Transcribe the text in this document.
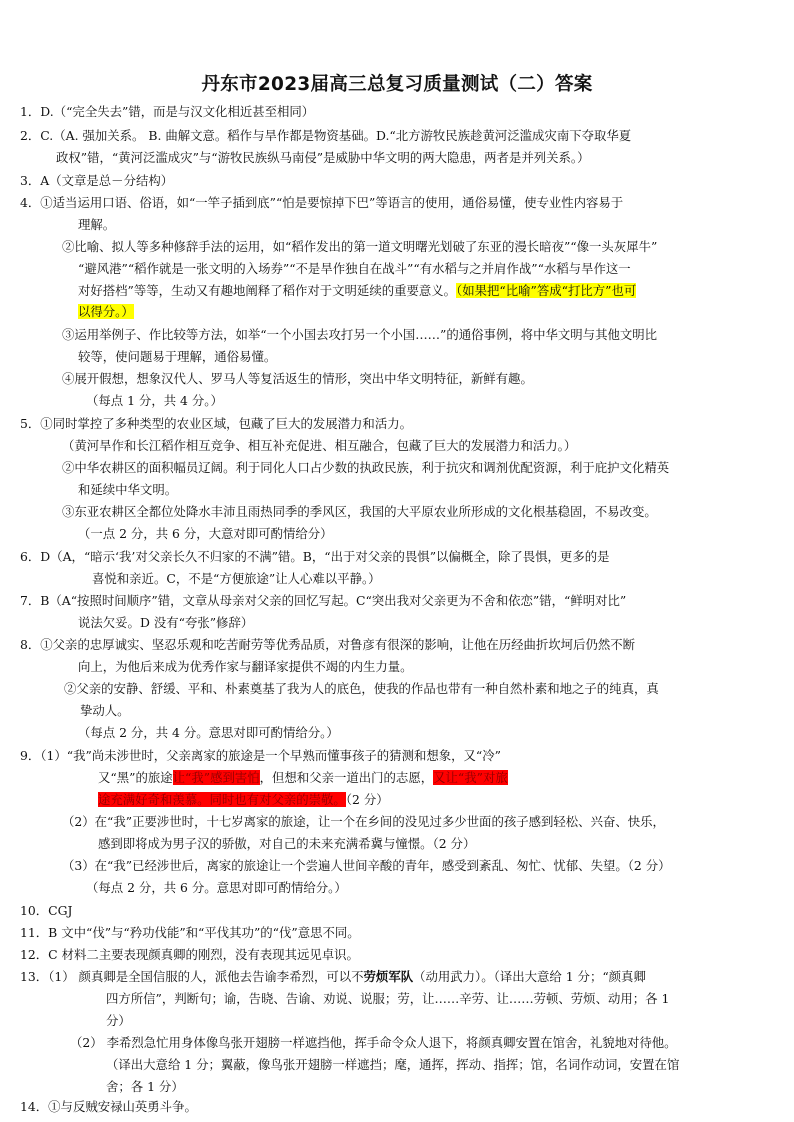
丹东市2023届高三总复习质量测试（二）答案
1．D.（“完全失去”错，而是与汉文化相近甚至相同）
2．C.（A. 强加关系。 B. 曲解文意。稻作与旱作都是物资基础。D.“北方游牧民族趁黄河泛滥成灾南下夺取华夏
政权”错，“黄河泛滥成灾”与“游牧民族纵马南侵”是威胁中华文明的两大隐患，两者是并列关系。）
3．A（文章是总－分结构）
4．①适当运用口语、俗语，如“一竿子插到底”“怕是要惊掉下巴”等语言的使用，通俗易懂，使专业性内容易于
理解。
②比喻、拟人等多种修辞手法的运用，如“稻作发出的第一道文明曙光划破了东亚的漫长暗夜”“像一头灰犀牛”
“避风港”“稻作就是一张文明的入场券”“不是旱作独自在战斗”“有水稻与之并肩作战”“水稻与旱作这一
对好搭档”等等，生动又有趣地阐释了稻作对于文明延续的重要意义。（如果把“比喻”答成“打比方”也可
以得分。）
③运用举例子、作比较等方法，如举“一个小国去攻打另一个小国……”的通俗事例，将中华文明与其他文明比
较等，使问题易于理解，通俗易懂。
④展开假想，想象汉代人、罗马人等复活返生的情形，突出中华文明特征，新鲜有趣。
（每点 1 分，共 4 分。）
5．①同时掌控了多种类型的农业区域，包藏了巨大的发展潜力和活力。
（黄河旱作和长江稻作相互竞争、相互补充促进、相互融合，包藏了巨大的发展潜力和活力。）
②中华农耕区的面积幅员辽阔。利于同化人口占少数的执政民族，利于抗灾和调剂优配资源，利于庇护文化精英
和延续中华文明。
③东亚农耕区全都位处降水丰沛且雨热同季的季风区，我国的大平原农业所形成的文化根基稳固，不易改变。
（一点 2 分，共 6 分，大意对即可酌情给分）
6．D（A，“暗示‘我’对父亲长久不归家的不满”错。B，“出于对父亲的畏惧”以偏概全，除了畏惧，更多的是
喜悦和亲近。C，不是“方便旅途”让人心难以平静。）
7．B（A“按照时间顺序”错，文章从母亲对父亲的回忆写起。C“突出我对父亲更为不舍和依恋”错，“鲜明对比”
说法欠妥。D 没有“夸张”修辞）
8．①父亲的忠厚诚实、坚忍乐观和吃苦耐劳等优秀品质，对鲁彦有很深的影响，让他在历经曲折坎坷后仍然不断
向上，为他后来成为优秀作家与翻译家提供不竭的内生力量。
②父亲的安静、舒缓、平和、朴素奠基了我为人的底色，使我的作品也带有一种自然朴素和地之子的纯真，真
挚动人。
（每点 2 分，共 4 分。意思对即可酌情给分。）
9．（1）“我”尚未涉世时，父亲离家的旅途是一个早熟而懂事孩子的猜测和想象，又“冷”
又“黑”的旅途让“我”感到害怕，但想和父亲一道出门的志愿，又让“我”对旅
途充满好奇和羡慕。同时也有对父亲的崇敬。（2 分）
（2）在“我”正要涉世时，十七岁离家的旅途，让一个在乡间的没见过多少世面的孩子感到轻松、兴奋、快乐，
感到即将成为男子汉的骄傲，对自己的未来充满希冀与憧憬。（2 分）
（3）在“我”已经涉世后，离家的旅途让一个尝遍人世间辛酸的青年，感受到紊乱、匆忙、忧郁、失望。（2 分）
（每点 2 分，共 6 分。意思对即可酌情给分。）
10．CGJ
11．B 文中“伐”与“矜功伐能”和“平伐其功”的“伐”意思不同。
12．C 材料二主要表现颜真卿的刚烈，没有表现其远见卓识。
13．（1） 颜真卿是全国信服的人，派他去告谕李希烈，可以不劳烦军队（动用武力）。（译出大意给 1 分；“颜真卿
四方所信”，判断句；谕，告晓、告谕、劝说、说服；劳，让……辛劳、让……劳顿、劳烦、动用；各 1
分）
（2） 李希烈急忙用身体像鸟张开翅膀一样遮挡他，挥手命令众人退下，将颜真卿安置在馆舍，礼貌地对待他。
（译出大意给 1 分；翼蔽，像鸟张开翅膀一样遮挡；麾，通挥，挥动、指挥；馆，名词作动词，安置在馆
舍；各 1 分）
14．①与反贼安禄山英勇斗争。
